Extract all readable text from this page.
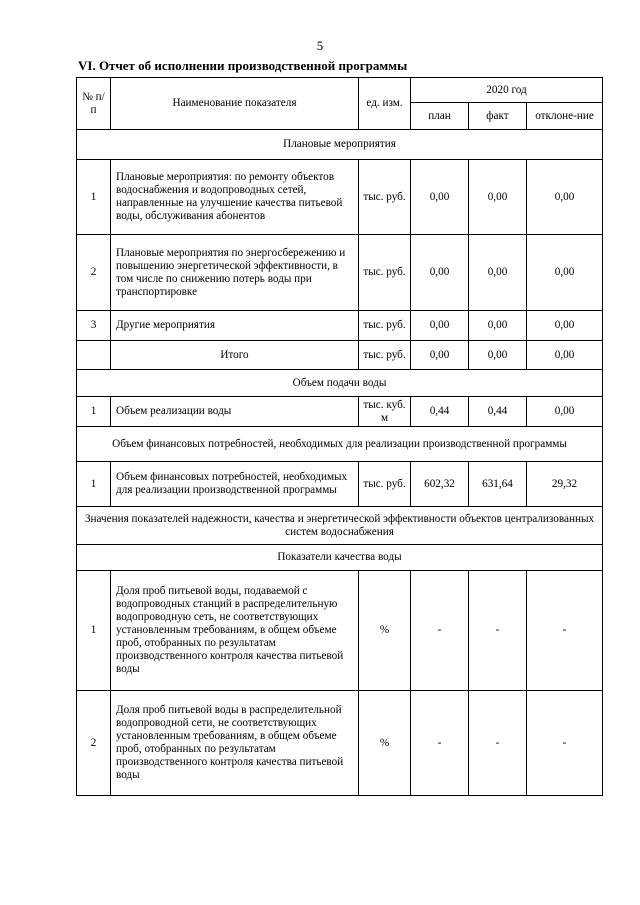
5
VI. Отчет об исполнении производственной программы
№ п/п	Наименование показателя	ед. изм.	2020 год		
			план	факт	отклоне-ние
Плановые мероприятия					
1	Плановые мероприятия: по ремонту объектов водоснабжения и водопроводных сетей, направленные на улучшение качества питьевой воды, обслуживания абонентов	тыс. руб.	0,00	0,00	0,00
2	Плановые мероприятия по энергосбережению и повышению энергетической эффективности, в том числе по снижению потерь воды при транспортировке	тыс. руб.	0,00	0,00	0,00
3	Другие мероприятия	тыс. руб.	0,00	0,00	0,00
	Итого	тыс. руб.	0,00	0,00	0,00
Объем подачи воды					
1	Объем реализации воды	тыс. куб. м	0,44	0,44	0,00
Объем финансовых потребностей, необходимых для реализации производственной программы					
1	Объем финансовых потребностей, необходимых для реализации производственной программы	тыс. руб.	602,32	631,64	29,32
Значения показателей надежности, качества и энергетической эффективности объектов централизованных систем водоснабжения					
Показатели качества воды					
1	Доля проб питьевой воды, подаваемой с водопроводных станций в распределительную водопроводную сеть, не соответствующих установленным требованиям, в общем объеме проб, отобранных по результатам производственного контроля качества питьевой воды	%	-	-	-
2	Доля проб питьевой воды в распределительной водопроводной сети, не соответствующих установленным требованиям, в общем объеме проб, отобранных по результатам производственного контроля качества питьевой воды	%	-	-	-
